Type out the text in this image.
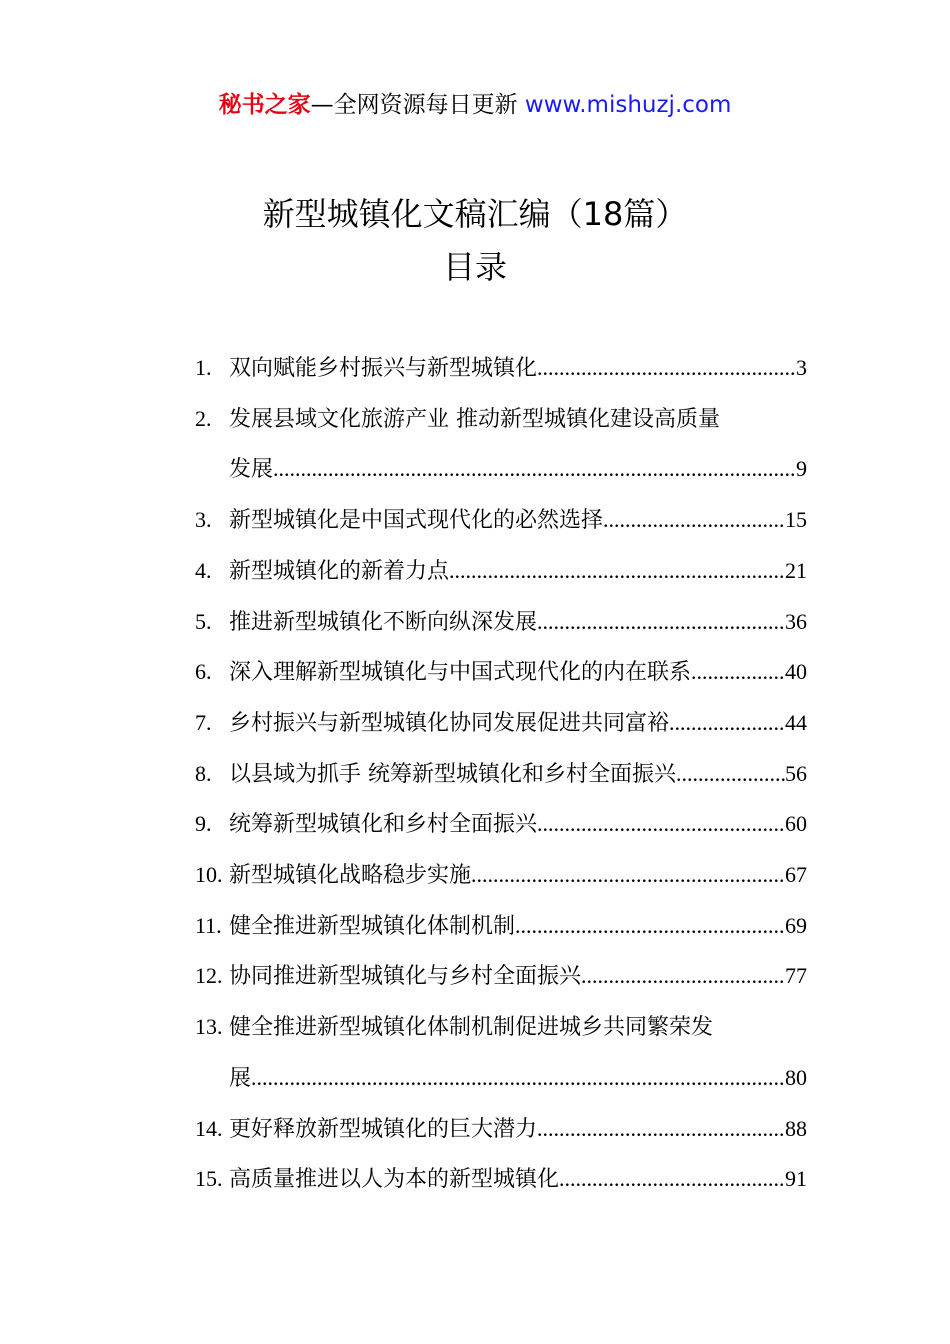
秘书之家—全网资源每日更新 www.mishuzj.com
新型城镇化文稿汇编（18篇）
目录
1. 双向赋能乡村振兴与新型城镇化 .....	3
2. 发展县域文化旅游产业 推动新型城镇化建设高质量
发展 .....	9
3. 新型城镇化是中国式现代化的必然选择 .....	15
4. 新型城镇化的新着力点 .....	21
5. 推进新型城镇化不断向纵深发展 .....	36
6. 深入理解新型城镇化与中国式现代化的内在联系 .....	40
7. 乡村振兴与新型城镇化协同发展促进共同富裕 .....	44
8. 以县域为抓手 统筹新型城镇化和乡村全面振兴 .....	56
9. 统筹新型城镇化和乡村全面振兴 .....	60
10. 新型城镇化战略稳步实施 .....	67
11. 健全推进新型城镇化体制机制 .....	69
12. 协同推进新型城镇化与乡村全面振兴 .....	77
13. 健全推进新型城镇化体制机制促进城乡共同繁荣发
展 .....	80
14. 更好释放新型城镇化的巨大潜力 .....	88
15. 高质量推进以人为本的新型城镇化 .....	91
